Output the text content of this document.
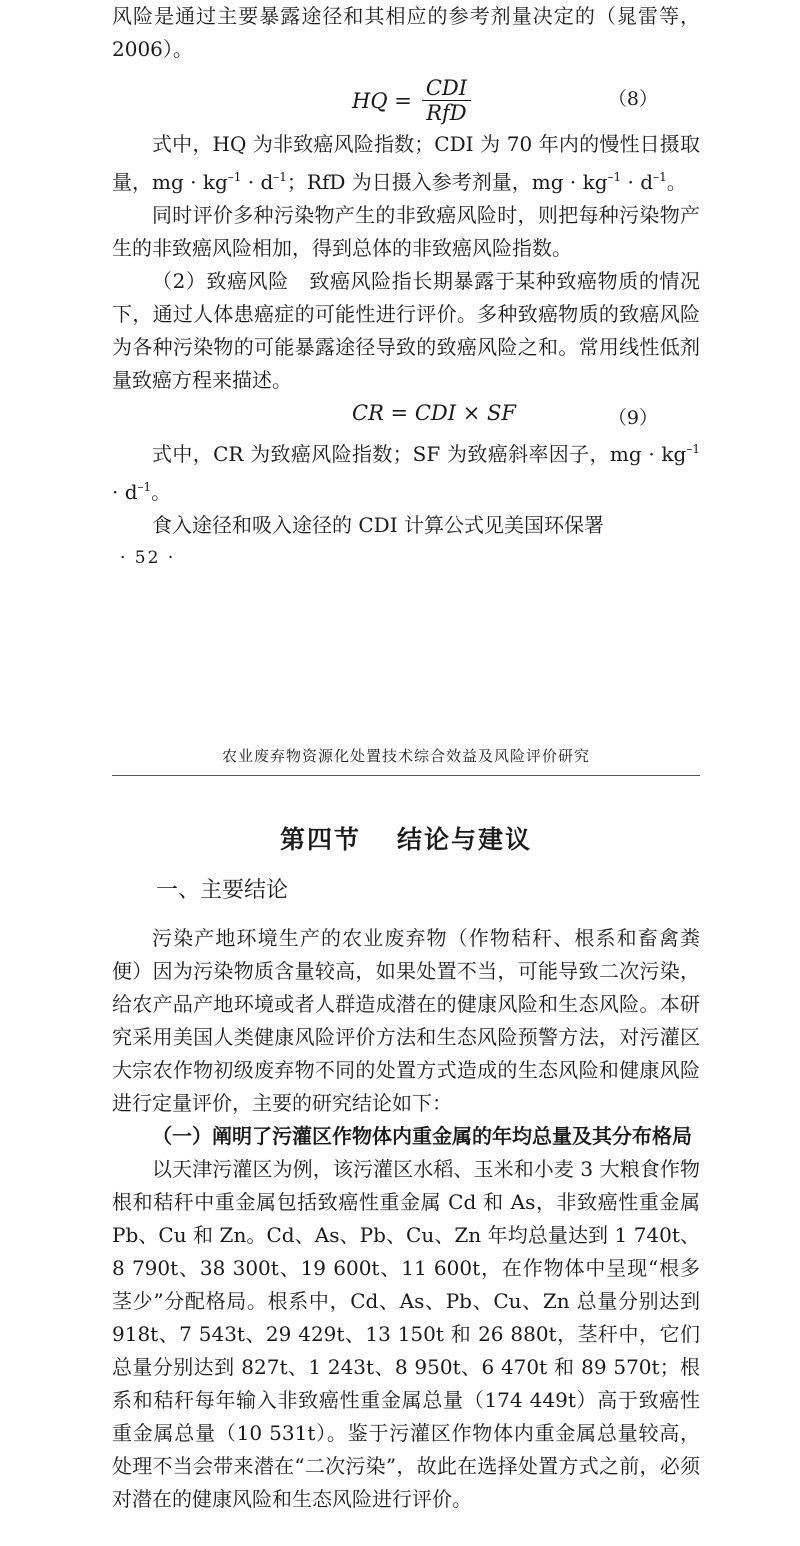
风险是通过主要暴露途径和其相应的参考剂量决定的（晁雷等，2006）。

HQ = $\frac{\text{CDI}}{\text{RfD}}$	（8）

式中，HQ 为非致癌风险指数；CDI 为 70 年内的慢性日摄取量，mg · $kg^{-1} \cdot d^{-1}$；RfD 为日摄入参考剂量，mg · $kg^{-1} \cdot d^{-1}$。

同时评价多种污染物产生的非致癌风险时，则把每种污染物产生的非致癌风险相加，得到总体的非致癌风险指数。

（2）致癌风险　致癌风险指长期暴露于某种致癌物质的情况下，通过人体患癌症的可能性进行评价。多种致癌物质的致癌风险为各种污染物的可能暴露途径导致的致癌风险之和。常用线性低剂量致癌方程来描述。

CR = CDI × SF	（9）

式中，CR 为致癌风险指数；SF 为致癌斜率因子，mg · $kg^{-1} \cdot d^{-1}$。

食入途径和吸入途径的 CDI 计算公式见美国环保署

· 52 ·
农业废弃物资源化处置技术综合效益及风险评价研究
第四节 结论与建议
一、主要结论

污染产地环境生产的农业废弃物（作物秸秆、根系和畜禽粪便）因为污染物质含量较高，如果处置不当，可能导致二次污染，给农产品产地环境或者人群造成潜在的健康风险和生态风险。本研究采用美国人类健康风险评价方法和生态风险预警方法，对污灌区大宗农作物初级废弃物不同的处置方式造成的生态风险和健康风险进行定量评价，主要的研究结论如下：

（一）阐明了污灌区作物体内重金属的年均总量及其分布格局

以天津污灌区为例，该污灌区水稻、玉米和小麦 3 大粮食作物根和秸秆中重金属包括致癌性重金属 Cd 和 As，非致癌性重金属 Pb、Cu 和 Zn。Cd、As、Pb、Cu、Zn 年均总量达到 1 740t、8 790t、38 300t、19 600t、11 600t，在作物体中呈现“根多茎少”分配格局。根系中，Cd、As、Pb、Cu、Zn 总量分别达到 918t、7 543t、29 429t、13 150t 和 26 880t，茎秆中，它们总量分别达到 827t、1 243t、8 950t、6 470t 和 89 570t；根系和秸秆每年输入非致癌性重金属总量（174 449t）高于致癌性重金属总量（10 531t）。鉴于污灌区作物体内重金属总量较高，处理不当会带来潜在“二次污染”，故此在选择处置方式之前，必须对潜在的健康风险和生态风险进行评价。
